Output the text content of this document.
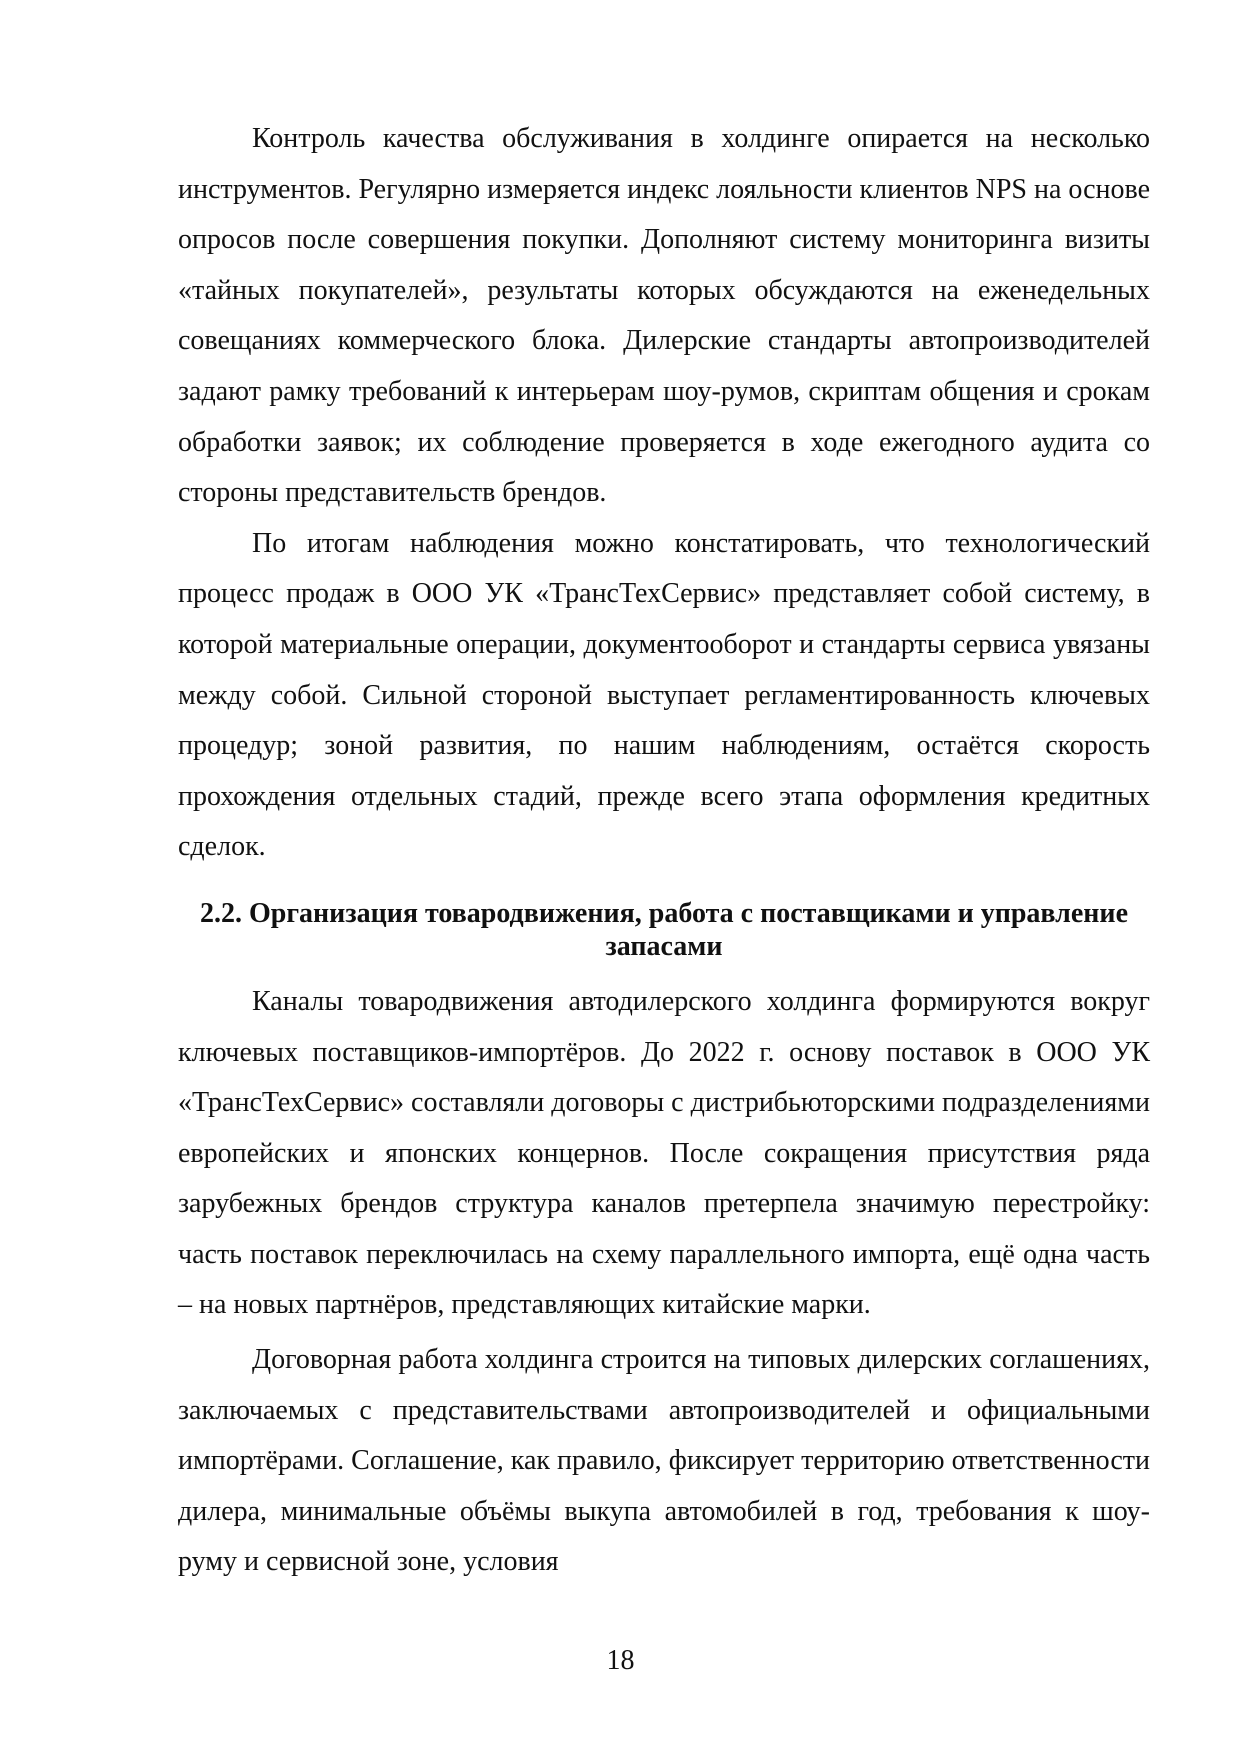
Контроль качества обслуживания в холдинге опирается на несколько инструментов. Регулярно измеряется индекс лояльности клиентов NPS на основе опросов после совершения покупки. Дополняют систему мониторинга визиты «тайных покупателей», результаты которых обсуждаются на еженедельных совещаниях коммерческого блока. Дилерские стандарты автопроизводителей задают рамку требований к интерьерам шоу-румов, скриптам общения и срокам обработки заявок; их соблюдение проверяется в ходе ежегодного аудита со стороны представительств брендов.

По итогам наблюдения можно констатировать, что технологический процесс продаж в ООО УК «ТрансТехСервис» представляет собой систему, в которой материальные операции, документооборот и стандарты сервиса увязаны между собой. Сильной стороной выступает регламентированность ключевых процедур; зоной развития, по нашим наблюдениям, остаётся скорость прохождения отдельных стадий, прежде всего этапа оформления кредитных сделок.

2.2. Организация товародвижения, работа с поставщиками и управление запасами

Каналы товародвижения автодилерского холдинга формируются вокруг ключевых поставщиков-импортёров. До 2022 г. основу поставок в ООО УК «ТрансТехСервис» составляли договоры с дистрибьюторскими подразделениями европейских и японских концернов. После сокращения присутствия ряда зарубежных брендов структура каналов претерпела значимую перестройку: часть поставок переключилась на схему параллельного импорта, ещё одна часть – на новых партнёров, представляющих китайские марки.

Договорная работа холдинга строится на типовых дилерских соглашениях, заключаемых с представительствами автопроизводителей и официальными импортёрами. Соглашение, как правило, фиксирует территорию ответственности дилера, минимальные объёмы выкупа автомобилей в год, требования к шоу-руму и сервисной зоне, условия

18
